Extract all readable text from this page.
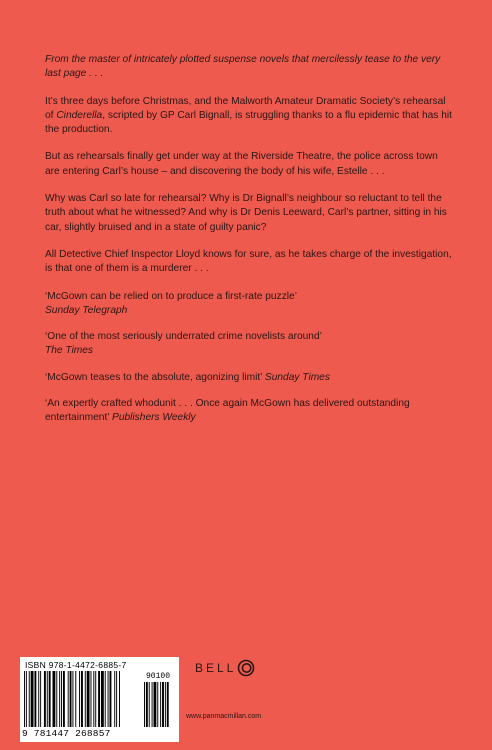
From the master of intricately plotted suspense novels that mercilessly tease to the very last page . . .

It’s three days before Christmas, and the Malworth Amateur Dramatic Society’s rehearsal of Cinderella, scripted by GP Carl Bignall, is struggling thanks to a flu epidemic that has hit the production.

But as rehearsals finally get under way at the Riverside Theatre, the police across town are entering Carl’s house – and discovering the body of his wife, Estelle . . .

Why was Carl so late for rehearsal? Why is Dr Bignall’s neighbour so reluctant to tell the truth about what he witnessed? And why is Dr Denis Leeward, Carl’s partner, sitting in his car, slightly bruised and in a state of guilty panic?

All Detective Chief Inspector Lloyd knows for sure, as he takes charge of the investigation, is that one of them is a murderer . . .

‘McGown can be relied on to produce a first-rate puzzle’
Sunday Telegraph

‘One of the most seriously underrated crime novelists around’
The Times

‘McGown teases to the absolute, agonizing limit’ Sunday Times

‘An expertly crafted whodunit . . . Once again McGown has delivered outstanding entertainment’ Publishers Weekly

ISBN 978-1-4472-6885-7
90100
9 781447 268857
BELL
www.panmacmillan.com
